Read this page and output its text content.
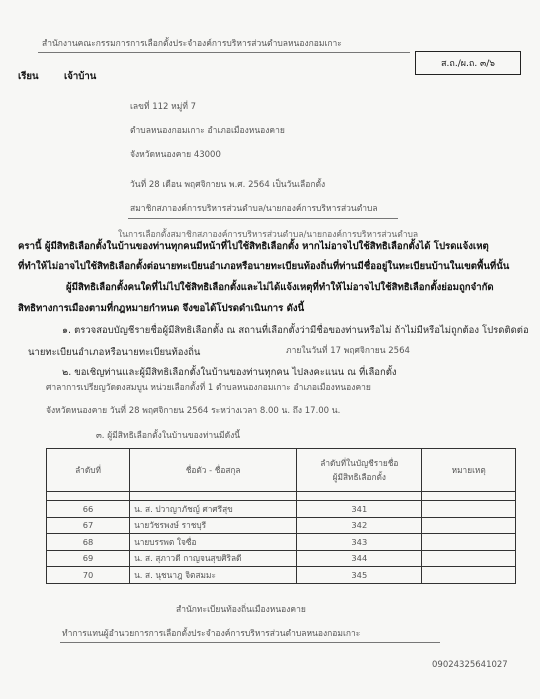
สำนักงานคณะกรรมการการเลือกตั้งประจำองค์การบริหารส่วนตำบลหนองกอมเกาะ
ส.ถ./ผ.ถ. ๓/๖
เรียน	เจ้าบ้าน
เลขที่ 112 หมู่ที่ 7
ตำบลหนองกอมเกาะ อำเภอเมืองหนองคาย
จังหวัดหนองคาย 43000
วันที่ 28 เดือน พฤศจิกายน พ.ศ. 2564 เป็นวันเลือกตั้ง
สมาชิกสภาองค์การบริหารส่วนตำบล/นายกองค์การบริหารส่วนตำบล
ในการเลือกตั้งสมาชิกสภาองค์การบริหารส่วนตำบล/นายกองค์การบริหารส่วนตำบล
ครานี้ ผู้มีสิทธิเลือกตั้งในบ้านของท่านทุกคนมีหน้าที่ไปใช้สิทธิเลือกตั้ง หากไม่อาจไปใช้สิทธิเลือกตั้งได้ โปรดแจ้งเหตุ
ที่ทำให้ไม่อาจไปใช้สิทธิเลือกตั้งต่อนายทะเบียนอำเภอหรือนายทะเบียนท้องถิ่นที่ท่านมีชื่ออยู่ในทะเบียนบ้านในเขตพื้นที่นั้น
ผู้มีสิทธิเลือกตั้งคนใดที่ไม่ไปใช้สิทธิเลือกตั้งและไม่ได้แจ้งเหตุที่ทำให้ไม่อาจไปใช้สิทธิเลือกตั้งย่อมถูกจำกัด
สิทธิทางการเมืองตามที่กฎหมายกำหนด จึงขอได้โปรดดำเนินการ ดังนี้
๑. ตรวจสอบบัญชีรายชื่อผู้มีสิทธิเลือกตั้ง ณ สถานที่เลือกตั้งว่ามีชื่อของท่านหรือไม่ ถ้าไม่มีหรือไม่ถูกต้อง โปรดติดต่อ
นายทะเบียนอำเภอหรือนายทะเบียนท้องถิ่น	ภายในวันที่ 17 พฤศจิกายน 2564
๒. ขอเชิญท่านและผู้มีสิทธิเลือกตั้งในบ้านของท่านทุกคน ไปลงคะแนน ณ ที่เลือกตั้ง
ศาลาการเปรียญวัดดงสมบูน หน่วยเลือกตั้งที่ 1 ตำบลหนองกอมเกาะ อำเภอเมืองหนองคาย
จังหวัดหนองคาย วันที่ 28 พฤศจิกายน 2564 ระหว่างเวลา 8.00 น. ถึง 17.00 น.
๓. ผู้มีสิทธิเลือกตั้งในบ้านของท่านมีดังนี้
ลำดับที่	ชื่อตัว - ชื่อสกุล	ลำดับที่ในบัญชีรายชื่อ
ผู้มีสิทธิเลือกตั้ง	หมายเหตุ

66	น. ส. ปวาญาภัชญ์ ศาศรีสุข	341	
67	นายวัชรพงษ์ ราชบุรี	342	
68	นายบรรพต ใจซื่อ	343	
69	น. ส. สุภาวดี กาญจนสุขศิริลดี	344	
70	น. ส. นุชนาฎ จิตสมมะ	345	
สำนักทะเบียนท้องถิ่นเมืองหนองคาย
ทำการแทนผู้อำนวยการการเลือกตั้งประจำองค์การบริหารส่วนตำบลหนองกอมเกาะ
09024325641027
